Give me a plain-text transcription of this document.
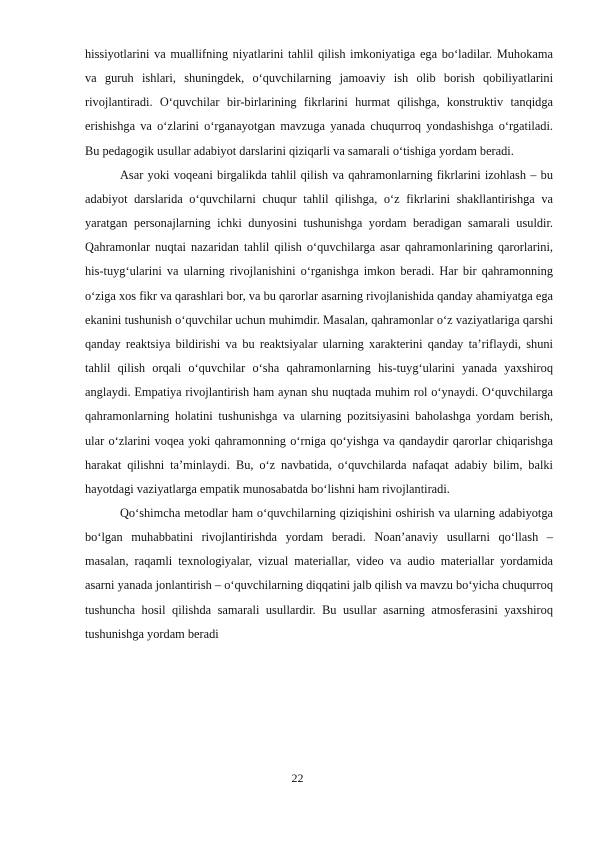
hissiyotlarini va muallifning niyatlarini tahlil qilish imkoniyatiga ega bo‘ladilar. Muhokama va guruh ishlari, shuningdek, o‘quvchilarning jamoaviy ish olib borish qobiliyatlarini rivojlantiradi. O‘quvchilar bir-birlarining fikrlarini hurmat qilishga, konstruktiv tanqidga erishishga va o‘zlarini o‘rganayotgan mavzuga yanada chuqurroq yondashishga o‘rgatiladi. Bu pedagogik usullar adabiyot darslarini qiziqarli va samarali o‘tishiga yordam beradi.

Asar yoki voqeani birgalikda tahlil qilish va qahramonlarning fikrlarini izohlash – bu adabiyot darslarida o‘quvchilarni chuqur tahlil qilishga, o‘z fikrlarini shakllantirishga va yaratgan personajlarning ichki dunyosini tushunishga yordam beradigan samarali usuldir. Qahramonlar nuqtai nazaridan tahlil qilish o‘quvchilarga asar qahramonlarining qarorlarini, his-tuyg‘ularini va ularning rivojlanishini o‘rganishga imkon beradi. Har bir qahramonning o‘ziga xos fikr va qarashlari bor, va bu qarorlar asarning rivojlanishida qanday ahamiyatga ega ekanini tushunish o‘quvchilar uchun muhimdir. Masalan, qahramonlar o‘z vaziyatlariga qarshi qanday reaktsiya bildirishi va bu reaktsiyalar ularning xarakterini qanday ta’riflaydi, shuni tahlil qilish orqali o‘quvchilar o‘sha qahramonlarning his-tuyg‘ularini yanada yaxshiroq anglaydi. Empatiya rivojlantirish ham aynan shu nuqtada muhim rol o‘ynaydi. O‘quvchilarga qahramonlarning holatini tushunishga va ularning pozitsiyasini baholashga yordam berish, ular o‘zlarini voqea yoki qahramonning o‘rniga qo‘yishga va qandaydir qarorlar chiqarishga harakat qilishni ta’minlaydi. Bu, o‘z navbatida, o‘quvchilarda nafaqat adabiy bilim, balki hayotdagi vaziyatlarga empatik munosabatda bo‘lishni ham rivojlantiradi.

Qo‘shimcha metodlar ham o‘quvchilarning qiziqishini oshirish va ularning adabiyotga bo‘lgan muhabbatini rivojlantirishda yordam beradi. Noan’anaviy usullarni qo‘llash – masalan, raqamli texnologiyalar, vizual materiallar, video va audio materiallar yordamida asarni yanada jonlantirish – o‘quvchilarning diqqatini jalb qilish va mavzu bo‘yicha chuqurroq tushuncha hosil qilishda samarali usullardir. Bu usullar asarning atmosferasini yaxshiroq tushunishga yordam beradi

22
